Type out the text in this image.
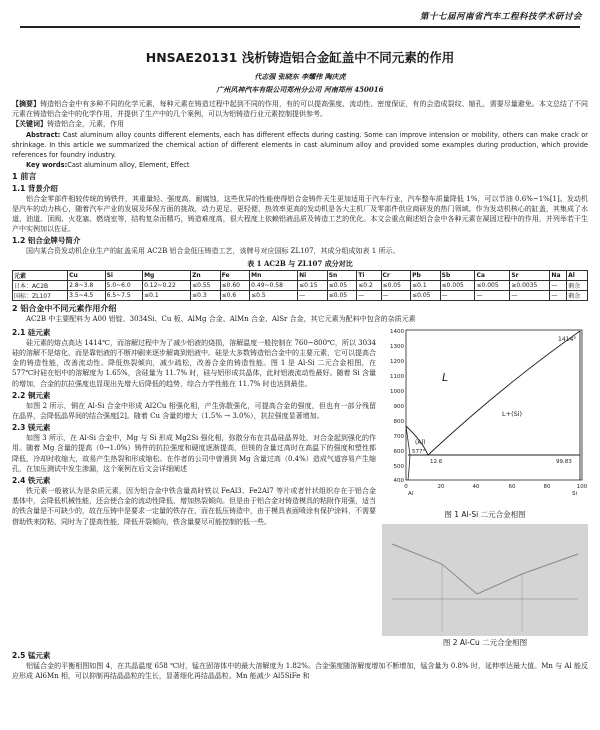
第十七届河南省汽车工程科技学术研讨会
HNSAE20131 浅析铸造铝合金缸盖中不同元素的作用
代志强 张晓东 李耀伟 陶庆虎
广州风神汽车有限公司郑州分公司 河南郑州 450016
【摘要】铸造铝合金中有多种不同的化学元素，每种元素在铸造过程中起到不同的作用，有的可以提高强度、流动性、密度保证，有的会造成裂纹、缩孔，需要尽量避免。本文总结了不同元素在铸造铝合金中的化学作用，并提供了生产中的几个案例，可以为铝铸造行业元素控制提供参考。
【关键词】铸造铝合金，元素，作用
Abstract: Cast aluminum alloy counts different elements, each has different effects during casting. Some can improve intension or mobility, others can make crack or shrinkage. In this article we summarized the chemical action of different elements in cast aluminum alloy and provided some examples during production, which provide references for foundry industry.
Key words:Cast aluminum alloy, Element, Effect
1 前言
1.1 背景介绍
铝合金零部件相较传统的铸铁件，其重量轻、强度高、耐腐蚀，这些优异的性能使得铝合金铸件天生更加适用于汽车行业，汽车整车质量降低 1%，可以节油 0.6%~1%[1]。发动机是汽车的动力核心，随着汽车产业的发展及环保方面的挑战，动力更足、更轻便、热效率更高的发动机是各大主机厂及零部件供应商研发的热门领域。作为发动机核心的缸盖，其集成了水道、油道、顶阀、火花塞、燃烧室等，结构复杂而精巧，铸造难度高，很大程度上依赖铝液品质及铸造工艺的优化。本文会重点阐述铝合金中各种元素在凝固过程中的作用，并列举若干生产中实例加以佐证。
1.2 铝合金牌号简介
国内某合资发动机企业生产的缸盖采用 AC2B 铝合金低压铸造工艺，该牌号对应国标 ZL107，其成分组成如表 1 所示。
表 1 AC2B 与 ZL107 成分对比
元素	Cu	Si	Mg	Zn	Fe	Mn	Ni	Sn	Ti	Cr	Pb	Sb	Ca	Sr	Na	Al
日本：AC2B	2.8~3.8	5.0~6.0	0.12~0.22	≤0.55	≤0.60	0.49~0.58	≤0.15	≤0.05	≤0.2	≤0.05	≤0.1	≤0.005	≤0.005	≥0.0035	—	剩余
国标：ZL107	3.5~4.5	6.5~7.5	≤0.1	≤0.3	≤0.6	≤0.5	—	≤0.05	—	—	≤0.05	—	—	—	—	剩余
2 铝合金中不同元素作用介绍
AC2B 中主要配料为 A00 铝锭、3034Si、Cu 板、AlMg 合金、AlMn 合金、AlSr 合金，其它元素为配料中包含的杂质元素
2.1 硅元素
硅元素的熔点高达 1414℃，而溶解过程中为了减少铝液的烧损，溶解温度一般控制在 760~800℃，所以 3034 硅的溶解不是熔化，而是靠铝液的不断冲刷来逐步解离到铝液中。硅是大多数铸造铝合金中的主要元素，它可以提高合金的铸造性能，改善流动性、降低热裂倾向，减少疏松，改善合金的铸造性能。图 1 是 Al-Si 二元合金相图，在 577℃时硅在铝中的溶解度为 1.65%，含硅量为 11.7% 时，硅与铝形成共晶体，此时铝液流动性最好。随着 Si 含量的增加，合金的抗拉强度也显现出先增大后降低的趋势，综合力学性能在 11.7% 时也达到最佳。
2.2 铜元素
如图 2 所示，铜在 Al-Si 合金中形成 Al2Cu 相强化相，产生弥散强化，可提高合金的强度，但也有一部分残留在晶界，会降低晶界间的结合强度[2]。随着 Cu 含量的增大（1.5% → 3.0%），抗拉强度显著增加。
2.3 镁元素
如图 3 所示，在 Al-Si 合金中，Mg 与 Si 形成 Mg2Si 强化相，弥散分布在共晶硅晶界处，对合金起到强化的作用。随着 Mg 含量的提高（0→1.0%）铸件的抗拉强度和硬度逐渐提高，但镁的含量过高时在高温下的强度和塑性都降低，冷却时收缩大，故易产生热裂和形成缩松。在作者的公司中曾遇到 Mg 含量过高（0.4%）造成气道容易产生缩孔，在加压测试中发生渗漏，这个案例在后文会详细阐述
2.4 铁元素
铁元素一般被认为是杂质元素，因为铝合金中铁含量高时铁以 FeAl3、Fe2Al7 等片或者针状组织存在于铝合金基体中，会降低机械性能，还会使合金的流动性降低，增加热裂倾向。但是由于铝合金对铸造模具的粘附作用强，适当的铁含量是不可缺少的，故在压铸中是要求一定量的铁存在，而在低压铸造中，由于模具表面喷涂有保护涂料，不需要借助铁来防粘，同时为了提高性能，降低开裂倾向，铁含量要尽可能控制的低一些。
1400
1300
1200
1100
1000
900
800
700
600
500
400
0	20	40	60	80	100
Al	Si
1414°
L
(Al)
L+(Si)
577°
12.6	99.83
图 1 Al-Si 二元合金相图
图 2 Al-Cu 二元合金相图
2.5 锰元素
铝锰合金的平衡相图如图 4，在共晶温度 658 ℃时，锰在固溶体中的最大溶解度为 1.82%。合金强度随溶解度增加不断增加，锰含量为 0.8% 时，延伸率达最大值。Mn 与 Al 能反应形成 Al6Mn 相，可以抑制再结晶晶粒的生长，显著细化再结晶晶粒。Mn 能减少 Al5SiFe 和
